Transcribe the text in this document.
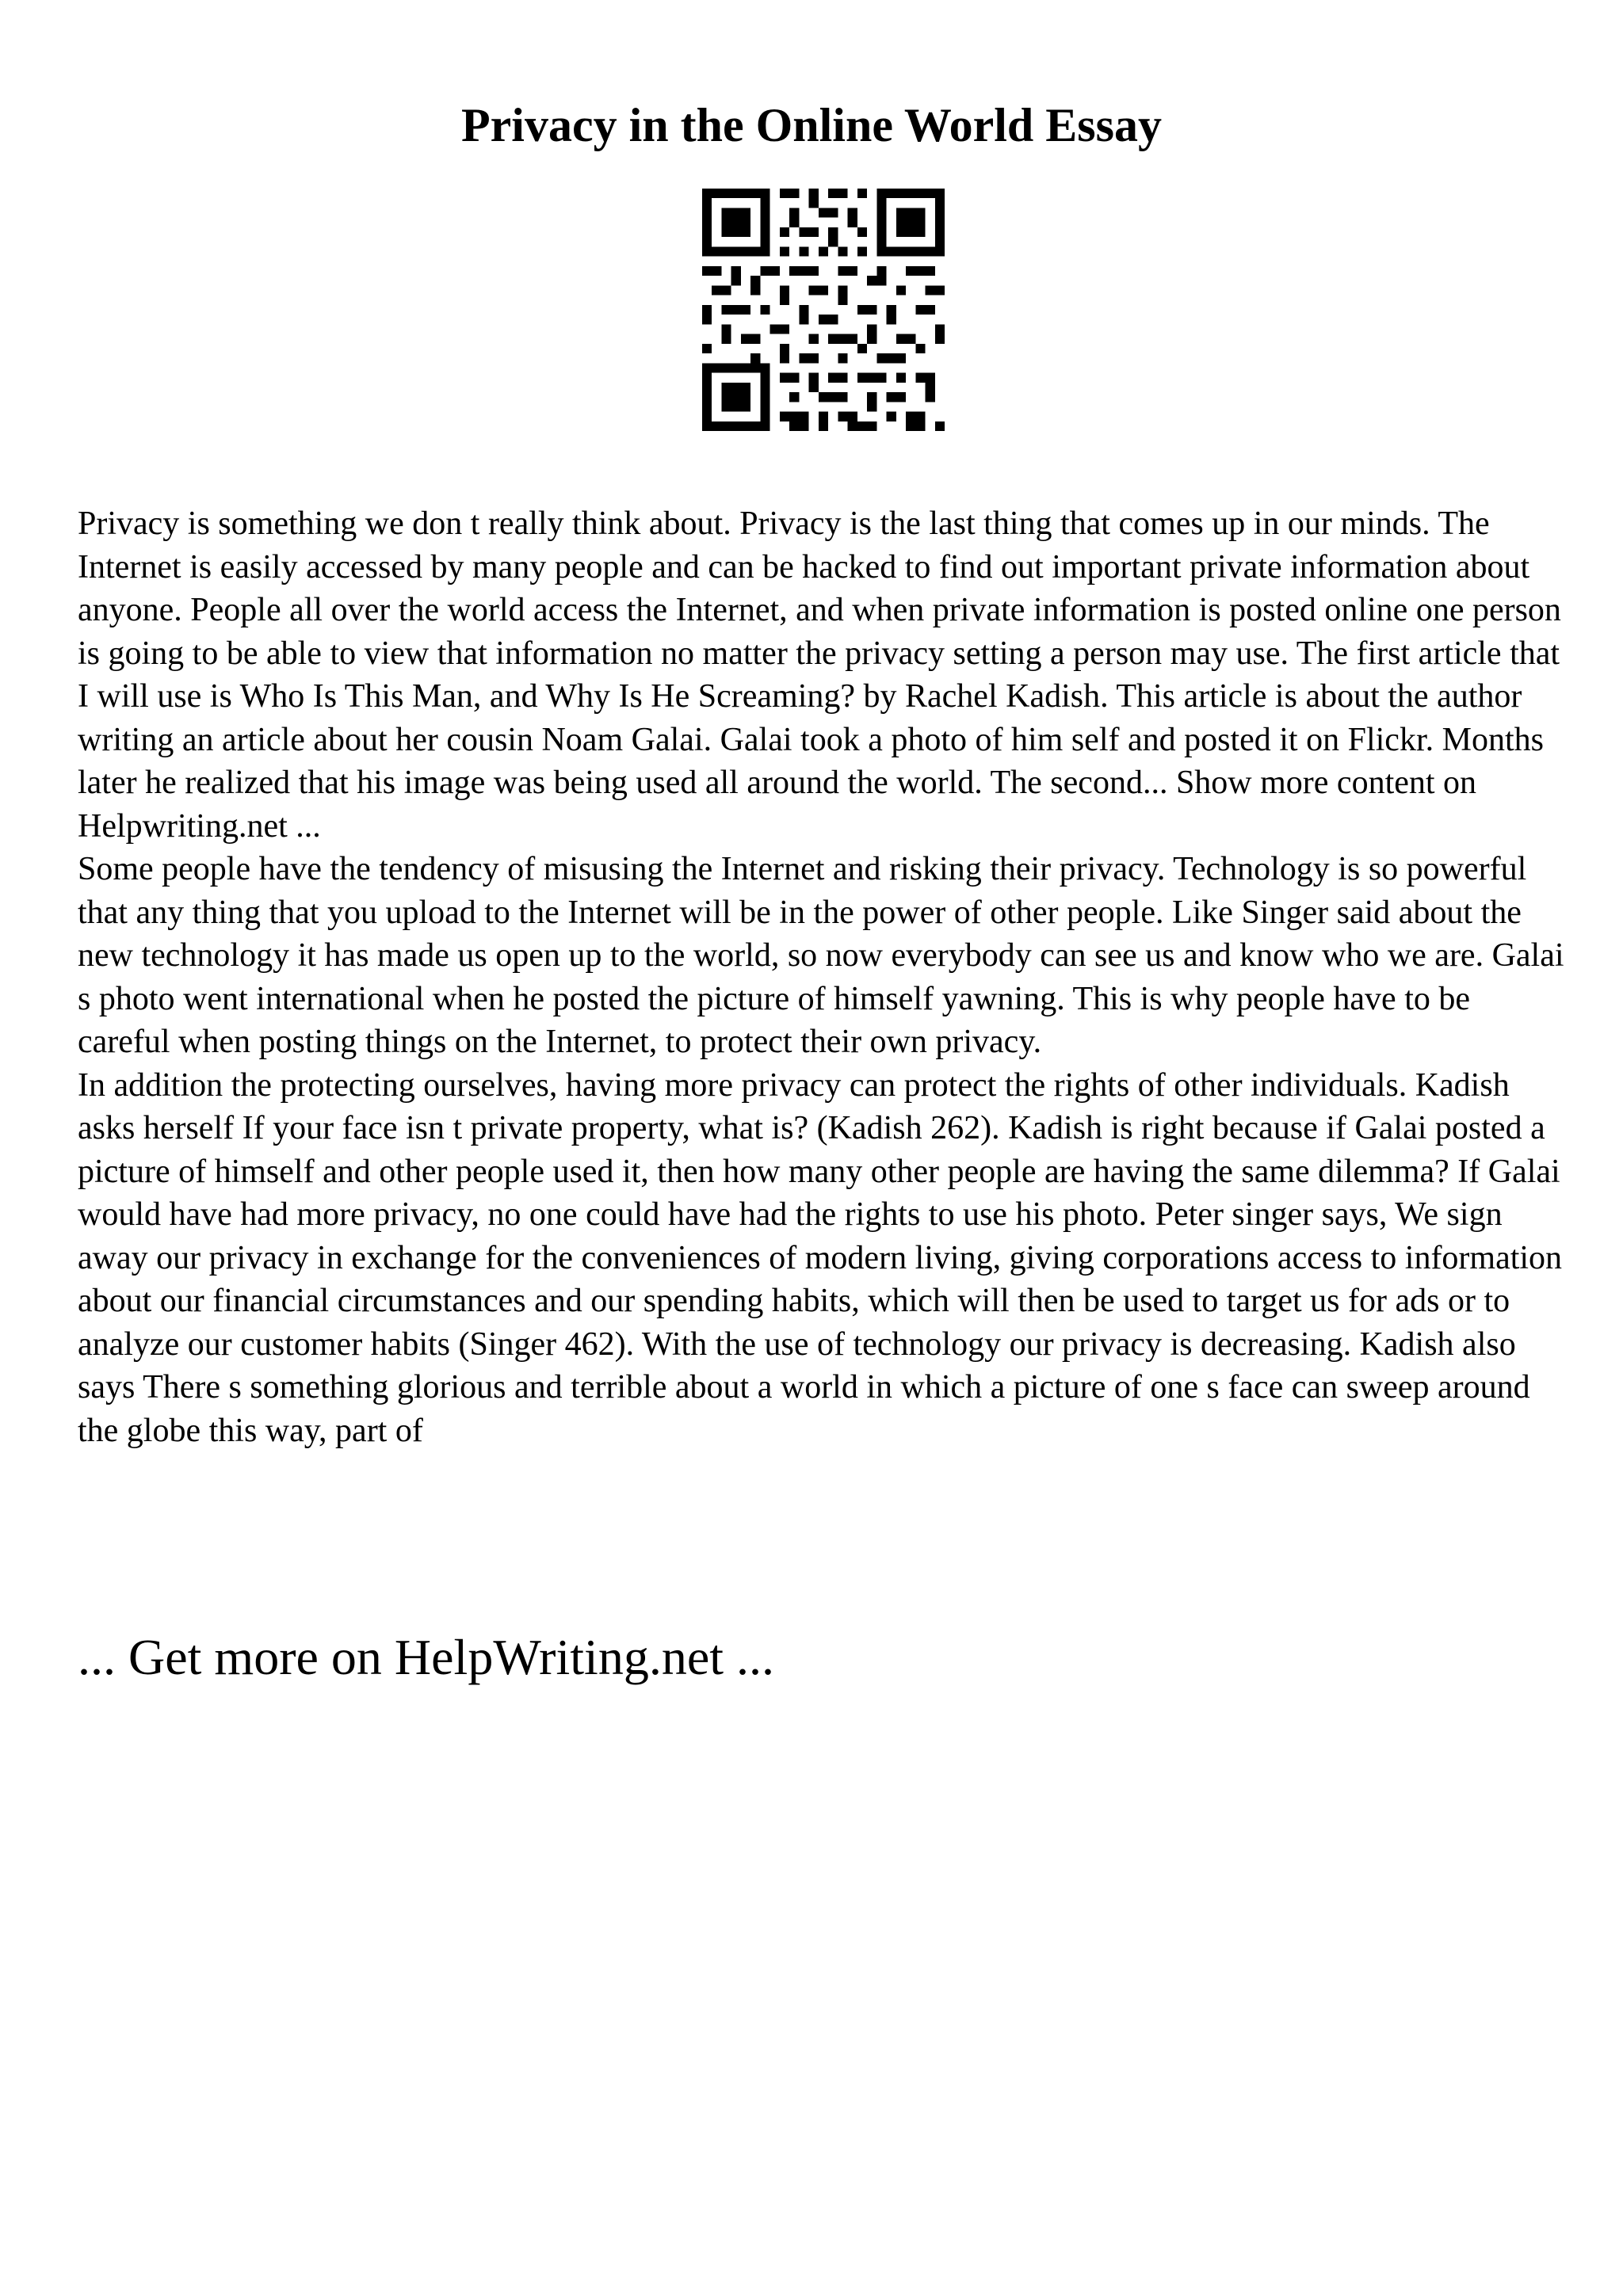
Privacy in the Online World Essay

Privacy is something we don t really think about. Privacy is the last thing that comes up in our minds. The Internet is easily accessed by many people and can be hacked to find out important private information about anyone. People all over the world access the Internet, and when private information is posted online one person is going to be able to view that information no matter the privacy setting a person may use. The first article that I will use is Who Is This Man, and Why Is He Screaming? by Rachel Kadish. This article is about the author writing an article about her cousin Noam Galai. Galai took a photo of him self and posted it on Flickr. Months later he realized that his image was being used all around the world. The second... Show more content on Helpwriting.net ...

Some people have the tendency of misusing the Internet and risking their privacy. Technology is so powerful that any thing that you upload to the Internet will be in the power of other people. Like Singer said about the new technology it has made us open up to the world, so now everybody can see us and know who we are. Galai s photo went international when he posted the picture of himself yawning. This is why people have to be careful when posting things on the Internet, to protect their own privacy.

In addition the protecting ourselves, having more privacy can protect the rights of other individuals. Kadish asks herself If your face isn t private property, what is? (Kadish 262). Kadish is right because if Galai posted a picture of himself and other people used it, then how many other people are having the same dilemma? If Galai would have had more privacy, no one could have had the rights to use his photo. Peter singer says, We sign away our privacy in exchange for the conveniences of modern living, giving corporations access to information about our financial circumstances and our spending habits, which will then be used to target us for ads or to analyze our customer habits (Singer 462). With the use of technology our privacy is decreasing. Kadish also says There s something glorious and terrible about a world in which a picture of one s face can sweep around the globe this way, part of

... Get more on HelpWriting.net ...
